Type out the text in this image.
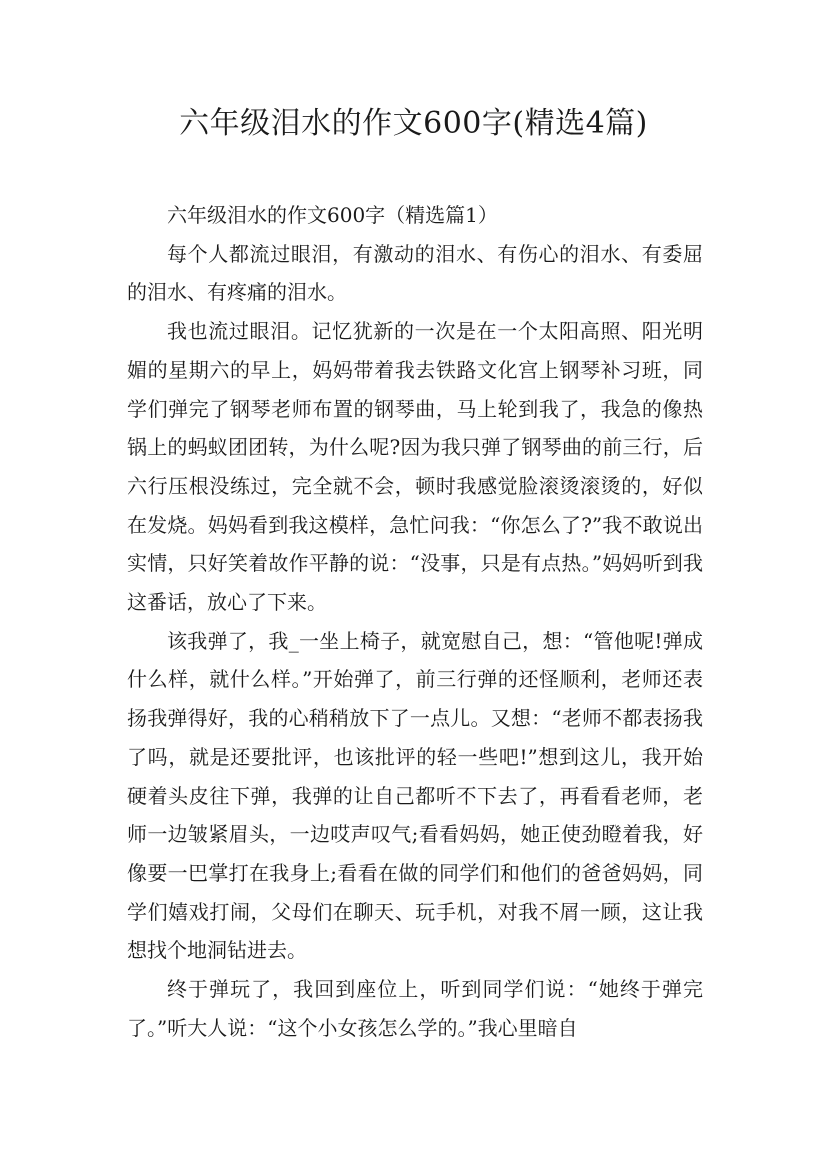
六年级泪水的作文600字(精选4篇)

六年级泪水的作文600字（精选篇1）

每个人都流过眼泪，有激动的泪水、有伤心的泪水、有委屈的泪水、有疼痛的泪水。

我也流过眼泪。记忆犹新的一次是在一个太阳高照、阳光明媚的星期六的早上，妈妈带着我去铁路文化宫上钢琴补习班，同学们弹完了钢琴老师布置的钢琴曲，马上轮到我了，我急的像热锅上的蚂蚁团团转，为什么呢?因为我只弹了钢琴曲的前三行，后六行压根没练过，完全就不会，顿时我感觉脸滚烫滚烫的，好似在发烧。妈妈看到我这模样，急忙问我：“你怎么了?”我不敢说出实情，只好笑着故作平静的说：“没事，只是有点热。”妈妈听到我这番话，放心了下来。

该我弹了，我_一坐上椅子，就宽慰自己，想：“管他呢!弹成什么样，就什么样。”开始弹了，前三行弹的还怪顺利，老师还表扬我弹得好，我的心稍稍放下了一点儿。又想：“老师不都表扬我了吗，就是还要批评，也该批评的轻一些吧!”想到这儿，我开始硬着头皮往下弹，我弹的让自己都听不下去了，再看看老师，老师一边皱紧眉头，一边哎声叹气;看看妈妈，她正使劲瞪着我，好像要一巴掌打在我身上;看看在做的同学们和他们的爸爸妈妈，同学们嬉戏打闹，父母们在聊天、玩手机，对我不屑一顾，这让我想找个地洞钻进去。

终于弹玩了，我回到座位上，听到同学们说：“她终于弹完了。”听大人说：“这个小女孩怎么学的。”我心里暗自
